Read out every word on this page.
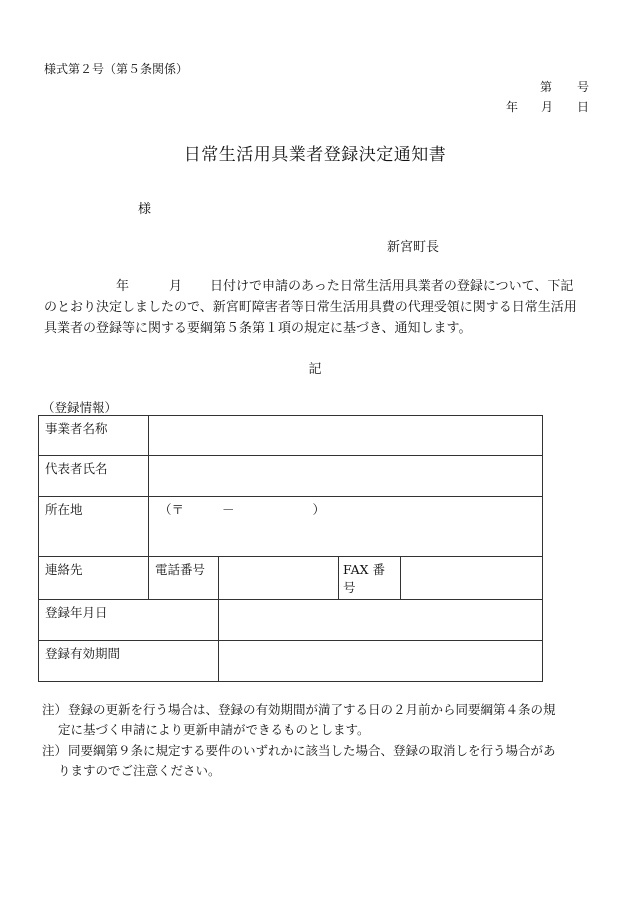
様式第２号（第５条関係）
第 号
年 月 日
日常生活用具業者登録決定通知書
様
新宮町長
年	月 日付けで申請のあった日常生活用具業者の登録について、下記
のとおり決定しましたので、新宮町障害者等日常生活用具費の代理受領に関する日常生活用
具業者の登録等に関する要綱第５条第１項の規定に基づき、通知します。
記
（登録情報）
事業者名称				
代表者氏名				
所在地	（〒 － ）			
連絡先	電話番号		FAX 番号	
登録年月日				
登録有効期間				
注） 登録の更新を行う場合は、登録の有効期間が満了する日の２月前から同要綱第４条の規
定に基づく申請により更新申請ができるものとします。
注） 同要綱第９条に規定する要件のいずれかに該当した場合、登録の取消しを行う場合があ
りますのでご注意ください。
